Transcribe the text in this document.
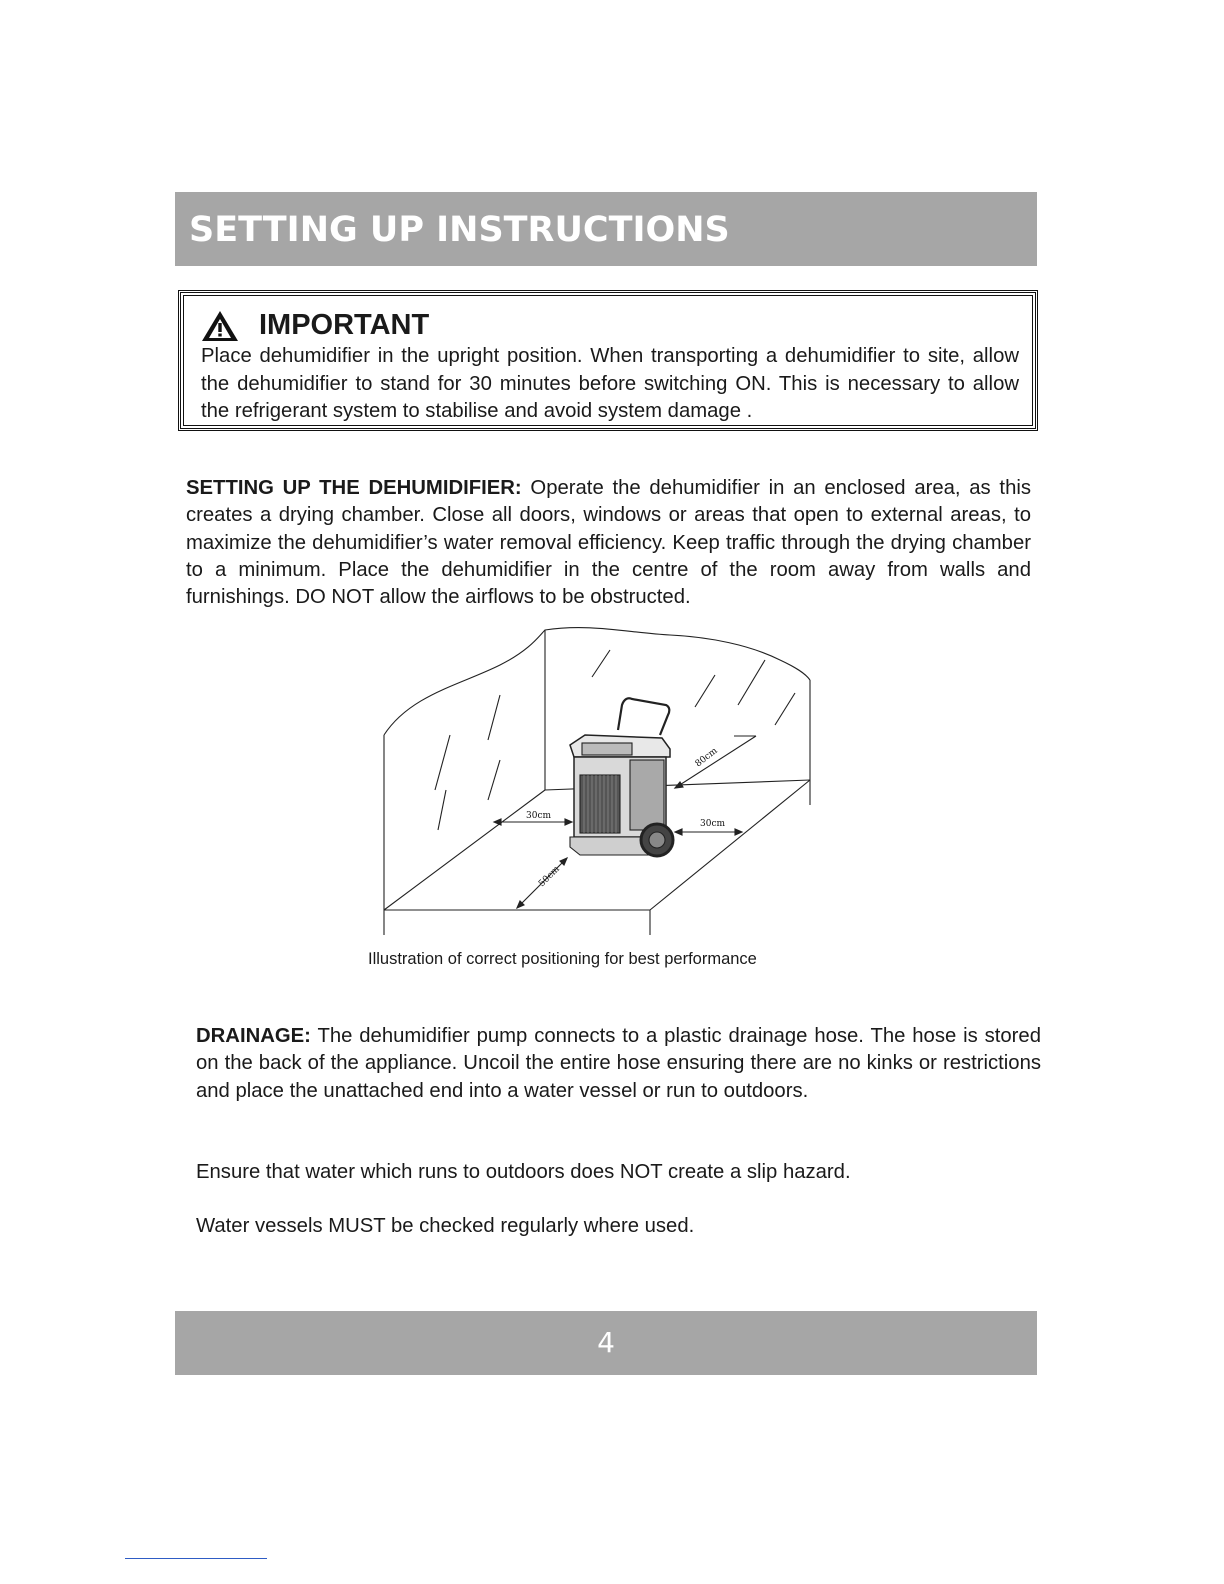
SETTING UP INSTRUCTIONS
IMPORTANT
Place dehumidifier in the upright position. When transporting a dehumidifier to site, allow the dehumidifier to stand for 30 minutes before switching ON. This is necessary to allow the refrigerant system to stabilise and avoid system damage .
SETTING UP THE DEHUMIDIFIER: Operate the dehumidifier in an enclosed area, as this creates a drying chamber. Close all doors, windows or areas that open to external areas, to maximize the dehumidifier’s water removal efficiency. Keep traffic through the drying chamber to a minimum. Place the dehumidifier in the centre of the room away from walls and furnishings. DO NOT allow the airflows to be obstructed.
30cm
30cm
80cm
50cm
Illustration of correct positioning for best performance
DRAINAGE: The dehumidifier pump connects to a plastic drainage hose. The hose is stored on the back of the appliance. Uncoil the entire hose ensuring there are no kinks or restrictions and place the unattached end into a water vessel or run to outdoors.
Ensure that water which runs to outdoors does NOT create a slip hazard.
Water vessels MUST be checked regularly where used.
4
